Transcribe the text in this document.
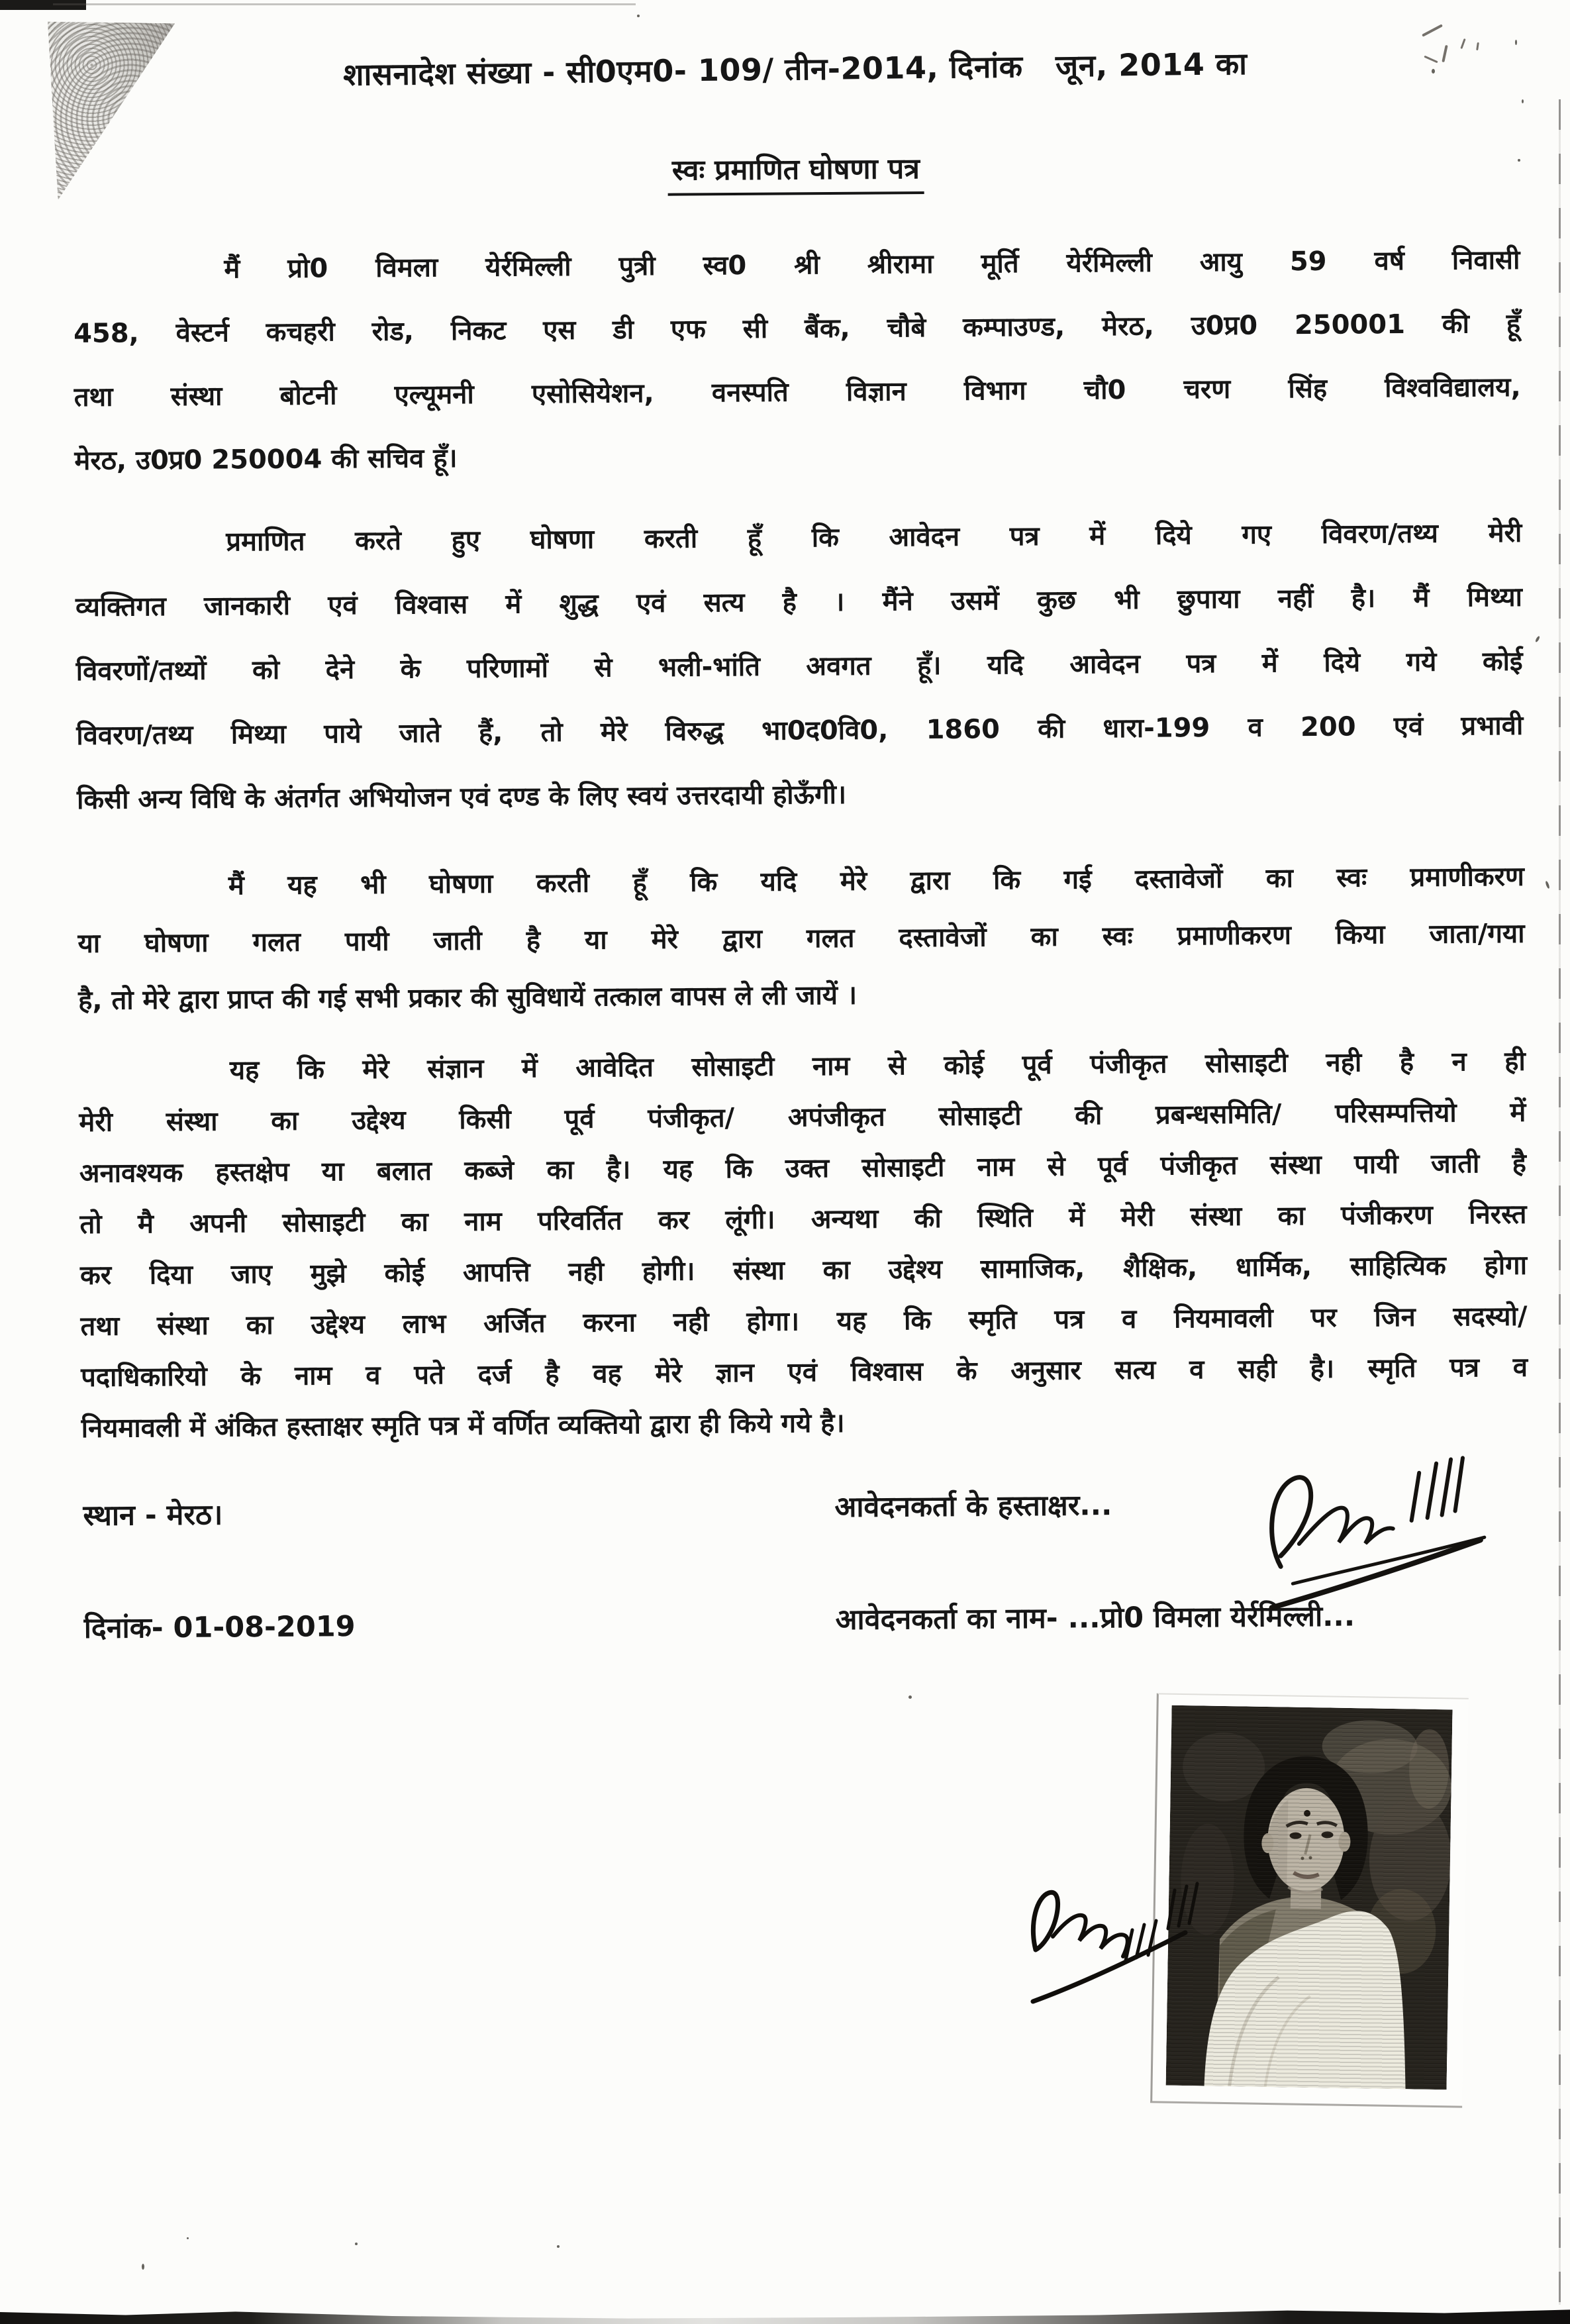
शासनादेश संख्या - सी0एम0- 109/ तीन-2014, दिनांक   जून, 2014 का
स्वः प्रमाणित घोषणा पत्र
मैं प्रो0 विमला येर्रमिल्ली पुत्री स्व0 श्री श्रीरामा मूर्ति येर्रमिल्ली आयु 59 वर्ष निवासी
458, वेस्टर्न कचहरी रोड, निकट एस डी एफ सी बैंक, चौबे कम्पाउण्ड, मेरठ, उ0प्र0 250001 की हूँ
तथा संस्था बोटनी एल्यूमनी एसोसियेशन, वनस्पति विज्ञान विभाग चौ0 चरण सिंह विश्वविद्यालय,
मेरठ, उ0प्र0 250004 की सचिव हूँ।
प्रमाणित करते हुए घोषणा करती हूँ कि आवेदन पत्र में दिये गए विवरण/तथ्य मेरी
व्यक्तिगत जानकारी एवं विश्वास में शुद्ध एवं सत्य है । मैंने उसमें कुछ भी छुपाया नहीं है। मैं मिथ्या
विवरणों/तथ्यों को देने के परिणामों से भली-भांति अवगत हूँ। यदि आवेदन पत्र में दिये गये कोई
विवरण/तथ्य मिथ्या पाये जाते हैं, तो मेरे विरुद्ध भा0द0वि0, 1860 की धारा-199 व 200 एवं प्रभावी
किसी अन्य विधि के अंतर्गत अभियोजन एवं दण्ड के लिए स्वयं उत्तरदायी होऊँगी।
मैं यह भी घोषणा करती हूँ कि यदि मेरे द्वारा कि गई दस्तावेजों का स्वः प्रमाणीकरण
या घोषणा गलत पायी जाती है या मेरे द्वारा गलत दस्तावेजों का स्वः प्रमाणीकरण किया जाता/गया
है, तो मेरे द्वारा प्राप्त की गई सभी प्रकार की सुविधायें तत्काल वापस ले ली जायें ।
यह कि मेरे संज्ञान में आवेदित सोसाइटी नाम से कोई पूर्व पंजीकृत सोसाइटी नही है न ही
मेरी संस्था का उद्देश्य किसी पूर्व पंजीकृत/ अपंजीकृत सोसाइटी की प्रबन्धसमिति/ परिसम्पत्तियो में
अनावश्यक हस्तक्षेप या बलात कब्जे का है। यह कि उक्त सोसाइटी नाम से पूर्व पंजीकृत संस्था पायी जाती है
तो मै अपनी सोसाइटी का नाम परिवर्तित कर लूंगी। अन्यथा की स्थिति में मेरी संस्था का पंजीकरण निरस्त
कर दिया जाए मुझे कोई आपत्ति नही होगी। संस्था का उद्देश्य सामाजिक, शैक्षिक, धार्मिक, साहित्यिक होगा
तथा संस्था का उद्देश्य लाभ अर्जित करना नही होगा। यह कि स्मृति पत्र व नियमावली पर जिन सदस्यो/
पदाधिकारियो के नाम व पते दर्ज है वह मेरे ज्ञान एवं विश्वास के अनुसार सत्य व सही है। स्मृति पत्र व
नियमावली में अंकित हस्ताक्षर स्मृति पत्र में वर्णित व्यक्तियो द्वारा ही किये गये है।
स्थान - मेरठ।	आवेदनकर्ता के हस्ताक्षर...
दिनांक- 01-08-2019	आवेदनकर्ता का नाम- ...प्रो0 विमला येर्रमिल्ली...
